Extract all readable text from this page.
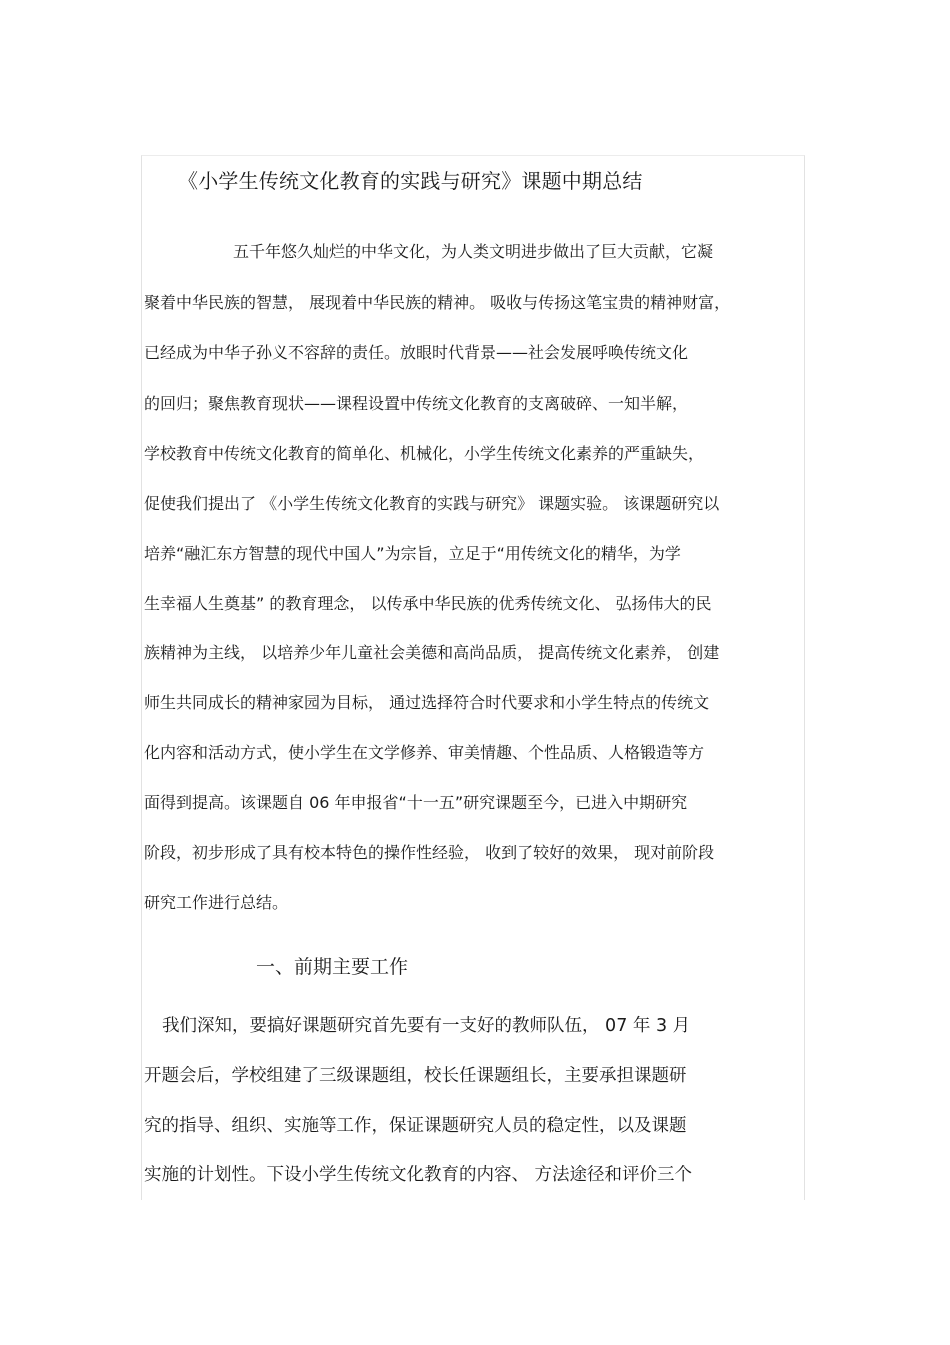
《小学生传统文化教育的实践与研究》课题中期总结
五千年悠久灿烂的中华文化，为人类文明进步做出了巨大贡献，它凝
聚着中华民族的智慧， 展现着中华民族的精神。 吸收与传扬这笔宝贵的精神财富，
已经成为中华子孙义不容辞的责任。放眼时代背景——社会发展呼唤传统文化
的回归；聚焦教育现状——课程设置中传统文化教育的支离破碎、一知半解，
学校教育中传统文化教育的简单化、机械化，小学生传统文化素养的严重缺失，
促使我们提出了 《小学生传统文化教育的实践与研究》 课题实验。 该课题研究以
培养“融汇东方智慧的现代中国人”为宗旨，立足于“用传统文化的精华，为学
生幸福人生奠基” 的教育理念， 以传承中华民族的优秀传统文化、 弘扬伟大的民
族精神为主线， 以培养少年儿童社会美德和高尚品质， 提高传统文化素养， 创建
师生共同成长的精神家园为目标， 通过选择符合时代要求和小学生特点的传统文
化内容和活动方式，使小学生在文学修养、审美情趣、个性品质、人格锻造等方
面得到提高。该课题自 06 年申报省“十一五”研究课题至今，已进入中期研究
阶段，初步形成了具有校本特色的操作性经验， 收到了较好的效果， 现对前阶段
研究工作进行总结。
一、前期主要工作
我们深知，要搞好课题研究首先要有一支好的教师队伍， 07 年 3 月
开题会后，学校组建了三级课题组，校长任课题组长，主要承担课题研
究的指导、组织、实施等工作，保证课题研究人员的稳定性，以及课题
实施的计划性。下设小学生传统文化教育的内容、 方法途径和评价三个
